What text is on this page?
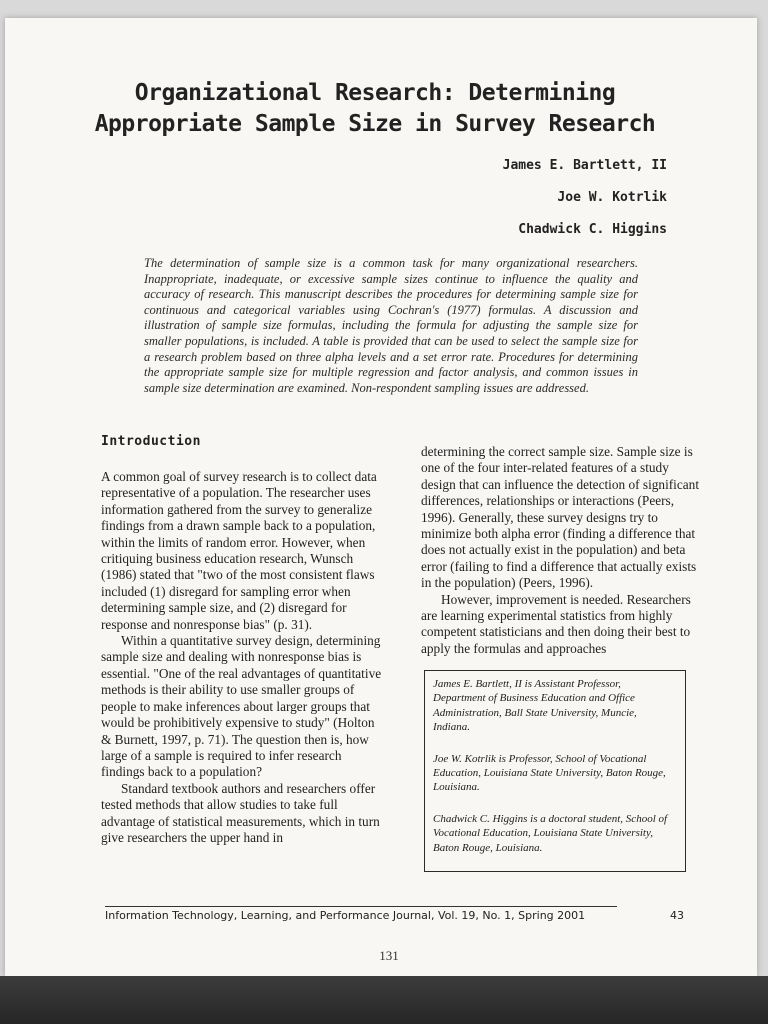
Organizational Research: Determining
Appropriate Sample Size in Survey Research
James E. Bartlett, II
Joe W. Kotrlik
Chadwick C. Higgins
The determination of sample size is a common task for many organizational researchers. Inappropriate, inadequate, or excessive sample sizes continue to influence the quality and accuracy of research. This manuscript describes the procedures for determining sample size for continuous and categorical variables using Cochran's (1977) formulas. A discussion and illustration of sample size formulas, including the formula for adjusting the sample size for smaller populations, is included. A table is provided that can be used to select the sample size for a research problem based on three alpha levels and a set error rate. Procedures for determining the appropriate sample size for multiple regression and factor analysis, and common issues in sample size determination are examined. Non-respondent sampling issues are addressed.
Introduction

A common goal of survey research is to collect data representative of a population. The researcher uses information gathered from the survey to generalize findings from a drawn sample back to a population, within the limits of random error. However, when critiquing business education research, Wunsch (1986) stated that "two of the most consistent flaws included (1) disregard for sampling error when determining sample size, and (2) disregard for response and nonresponse bias" (p. 31).

Within a quantitative survey design, determining sample size and dealing with nonresponse bias is essential. "One of the real advantages of quantitative methods is their ability to use smaller groups of people to make inferences about larger groups that would be prohibitively expensive to study" (Holton & Burnett, 1997, p. 71). The question then is, how large of a sample is required to infer research findings back to a population?

Standard textbook authors and researchers offer tested methods that allow studies to take full advantage of statistical measurements, which in turn give researchers the upper hand in

determining the correct sample size. Sample size is one of the four inter-related features of a study design that can influence the detection of significant differences, relationships or interactions (Peers, 1996). Generally, these survey designs try to minimize both alpha error (finding a difference that does not actually exist in the population) and beta error (failing to find a difference that actually exists in the population) (Peers, 1996).

However, improvement is needed. Researchers are learning experimental statistics from highly competent statisticians and then doing their best to apply the formulas and approaches

James E. Bartlett, II is Assistant Professor, Department of Business Education and Office Administration, Ball State University, Muncie, Indiana.

Joe W. Kotrlik is Professor, School of Vocational Education, Louisiana State University, Baton Rouge, Louisiana.

Chadwick C. Higgins is a doctoral student, School of Vocational Education, Louisiana State University, Baton Rouge, Louisiana.

Information Technology, Learning, and Performance Journal, Vol. 19, No. 1, Spring 2001	43
131
